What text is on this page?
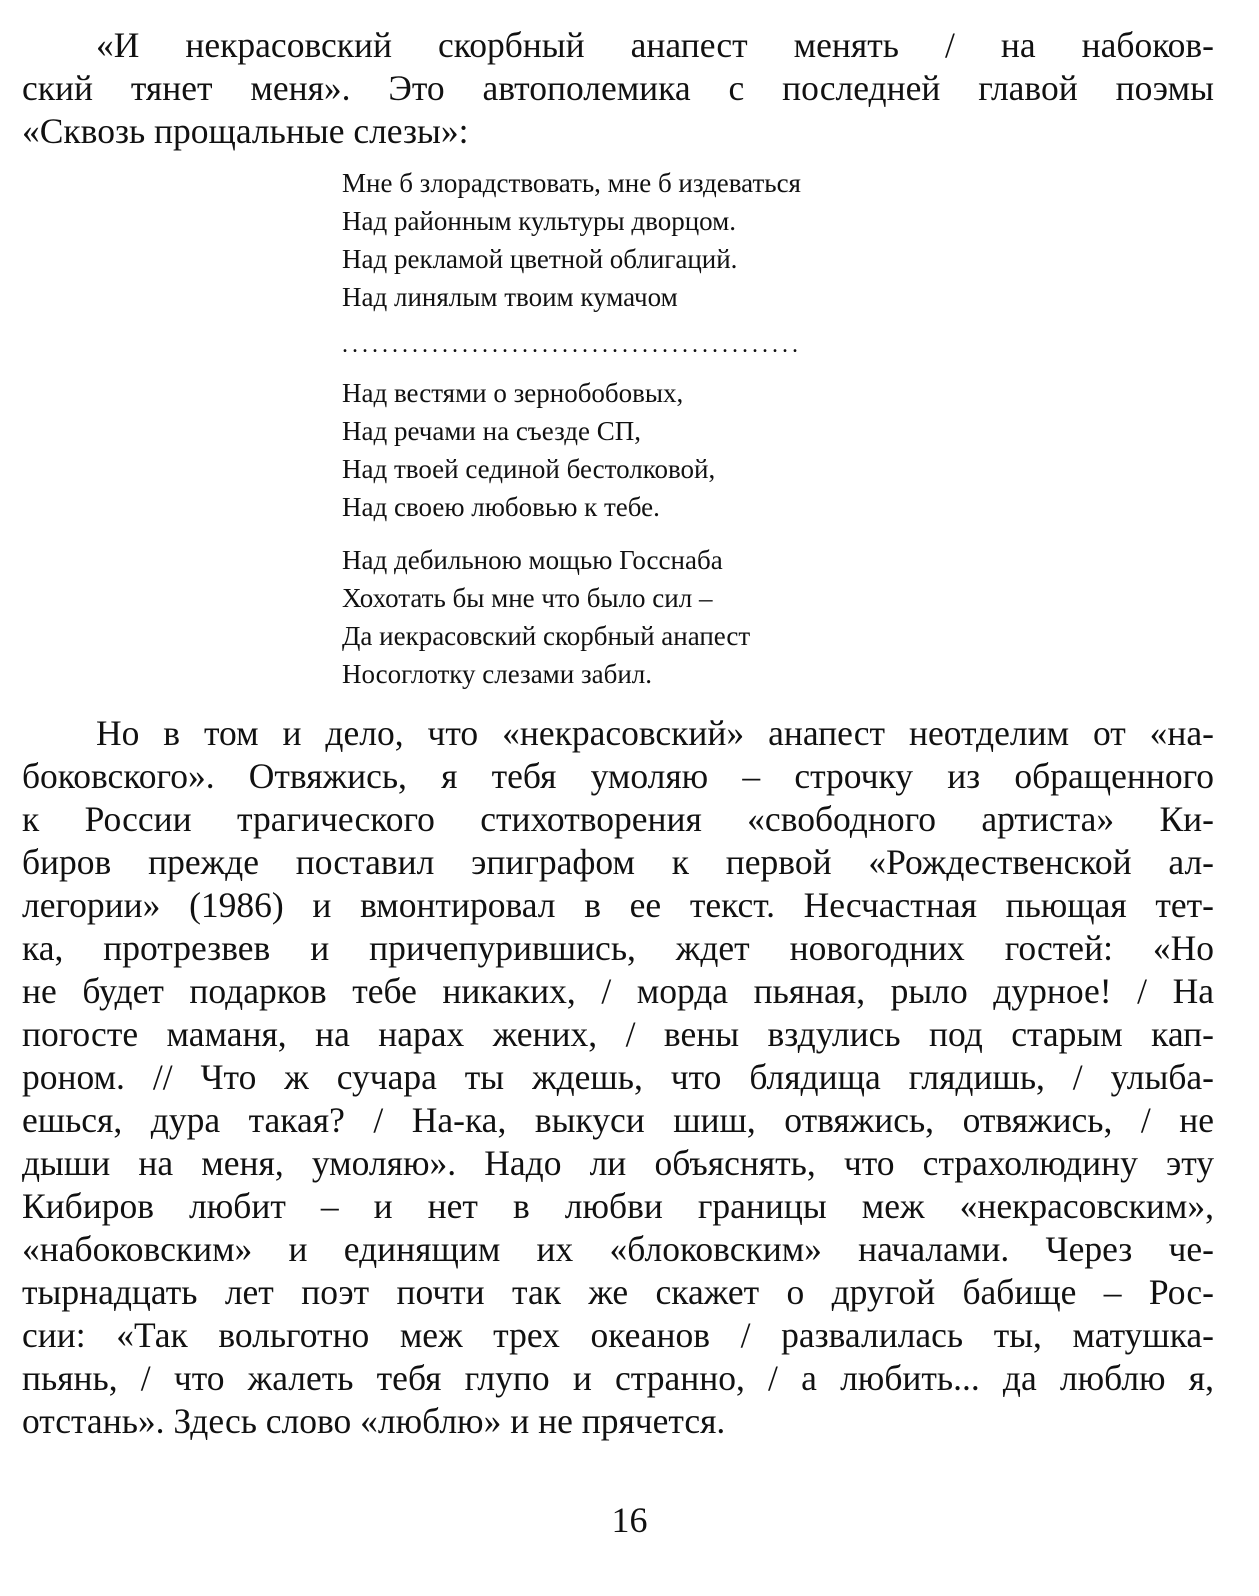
«И некрасовский скорбный анапест менять / на набоков-
ский тянет меня». Это автополемика с последней главой поэмы
«Сквозь прощальные слезы»:
Мне б злорадствовать, мне б издеваться
Над районным культуры дворцом.
Над рекламой цветной облигаций.
Над линялым твоим кумачом
..............................................
Над вестями о зернобобовых,
Над речами на съезде СП,
Над твоей сединой бестолковой,
Над своею любовью к тебе.
Над дебильною мощью Госснаба
Хохотать бы мне что было сил –
Да иекрасовский скорбный анапест
Носоглотку слезами забил.
Но в том и дело, что «некрасовский» анапест неотделим от «на-
боковского». Отвяжись, я тебя умоляю – строчку из обращенного
к России трагического стихотворения «свободного артиста» Ки-
биров прежде поставил эпиграфом к первой «Рождественской ал-
легории» (1986) и вмонтировал в ее текст. Несчастная пьющая тет-
ка, протрезвев и причепурившись, ждет новогодних гостей: «Но
не будет подарков тебе никаких, / морда пьяная, рыло дурное! / На
погосте маманя, на нарах жених, / вены вздулись под старым кап-
роном. // Что ж сучара ты ждешь, что блядища глядишь, / улыба-
ешься, дура такая? / На-ка, выкуси шиш, отвяжись, отвяжись, / не
дыши на меня, умоляю». Надо ли объяснять, что страхолюдину эту
Кибиров любит – и нет в любви границы меж «некрасовским»,
«набоковским» и единящим их «блоковским» началами. Через че-
тырнадцать лет поэт почти так же скажет о другой бабище – Рос-
сии: «Так вольготно меж трех океанов / развалилась ты, матушка-
пьянь, / что жалеть тебя глупо и странно, / а любить... да люблю я,
отстань». Здесь слово «люблю» и не прячется.
16
